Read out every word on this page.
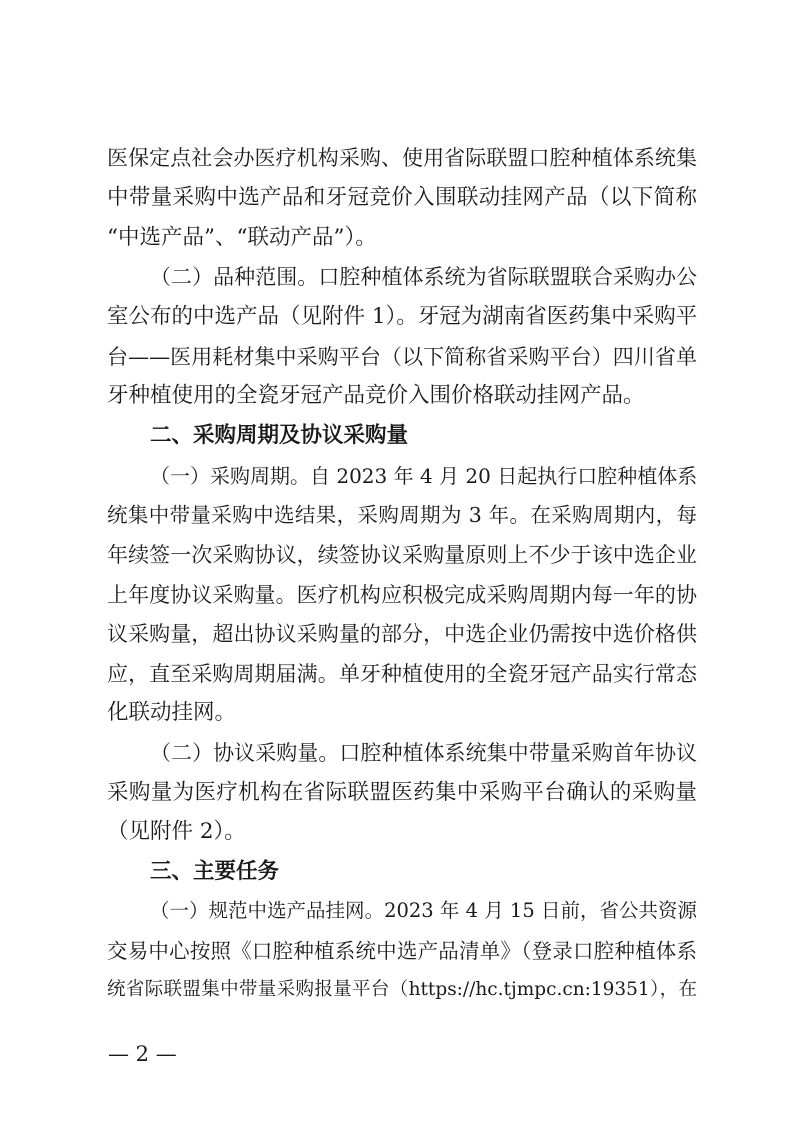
医保定点社会办医疗机构采购、使用省际联盟口腔种植体系统集
中带量采购中选产品和牙冠竞价入围联动挂网产品（以下简称
“中选产品”、“联动产品”）。
（二）品种范围。口腔种植体系统为省际联盟联合采购办公
室公布的中选产品（见附件 1）。牙冠为湖南省医药集中采购平
台——医用耗材集中采购平台（以下简称省采购平台）四川省单
牙种植使用的全瓷牙冠产品竞价入围价格联动挂网产品。
二、采购周期及协议采购量
（一）采购周期。自 2023 年 4 月 20 日起执行口腔种植体系
统集中带量采购中选结果，采购周期为 3 年。在采购周期内，每
年续签一次采购协议，续签协议采购量原则上不少于该中选企业
上年度协议采购量。医疗机构应积极完成采购周期内每一年的协
议采购量，超出协议采购量的部分，中选企业仍需按中选价格供
应，直至采购周期届满。单牙种植使用的全瓷牙冠产品实行常态
化联动挂网。
（二）协议采购量。口腔种植体系统集中带量采购首年协议
采购量为医疗机构在省际联盟医药集中采购平台确认的采购量
（见附件 2）。
三、主要任务
（一）规范中选产品挂网。2023 年 4 月 15 日前，省公共资源
交易中心按照《口腔种植系统中选产品清单》（登录口腔种植体系
统省际联盟集中带量采购报量平台（https://hc.tjmpc.cn:19351），在
— 2 —
